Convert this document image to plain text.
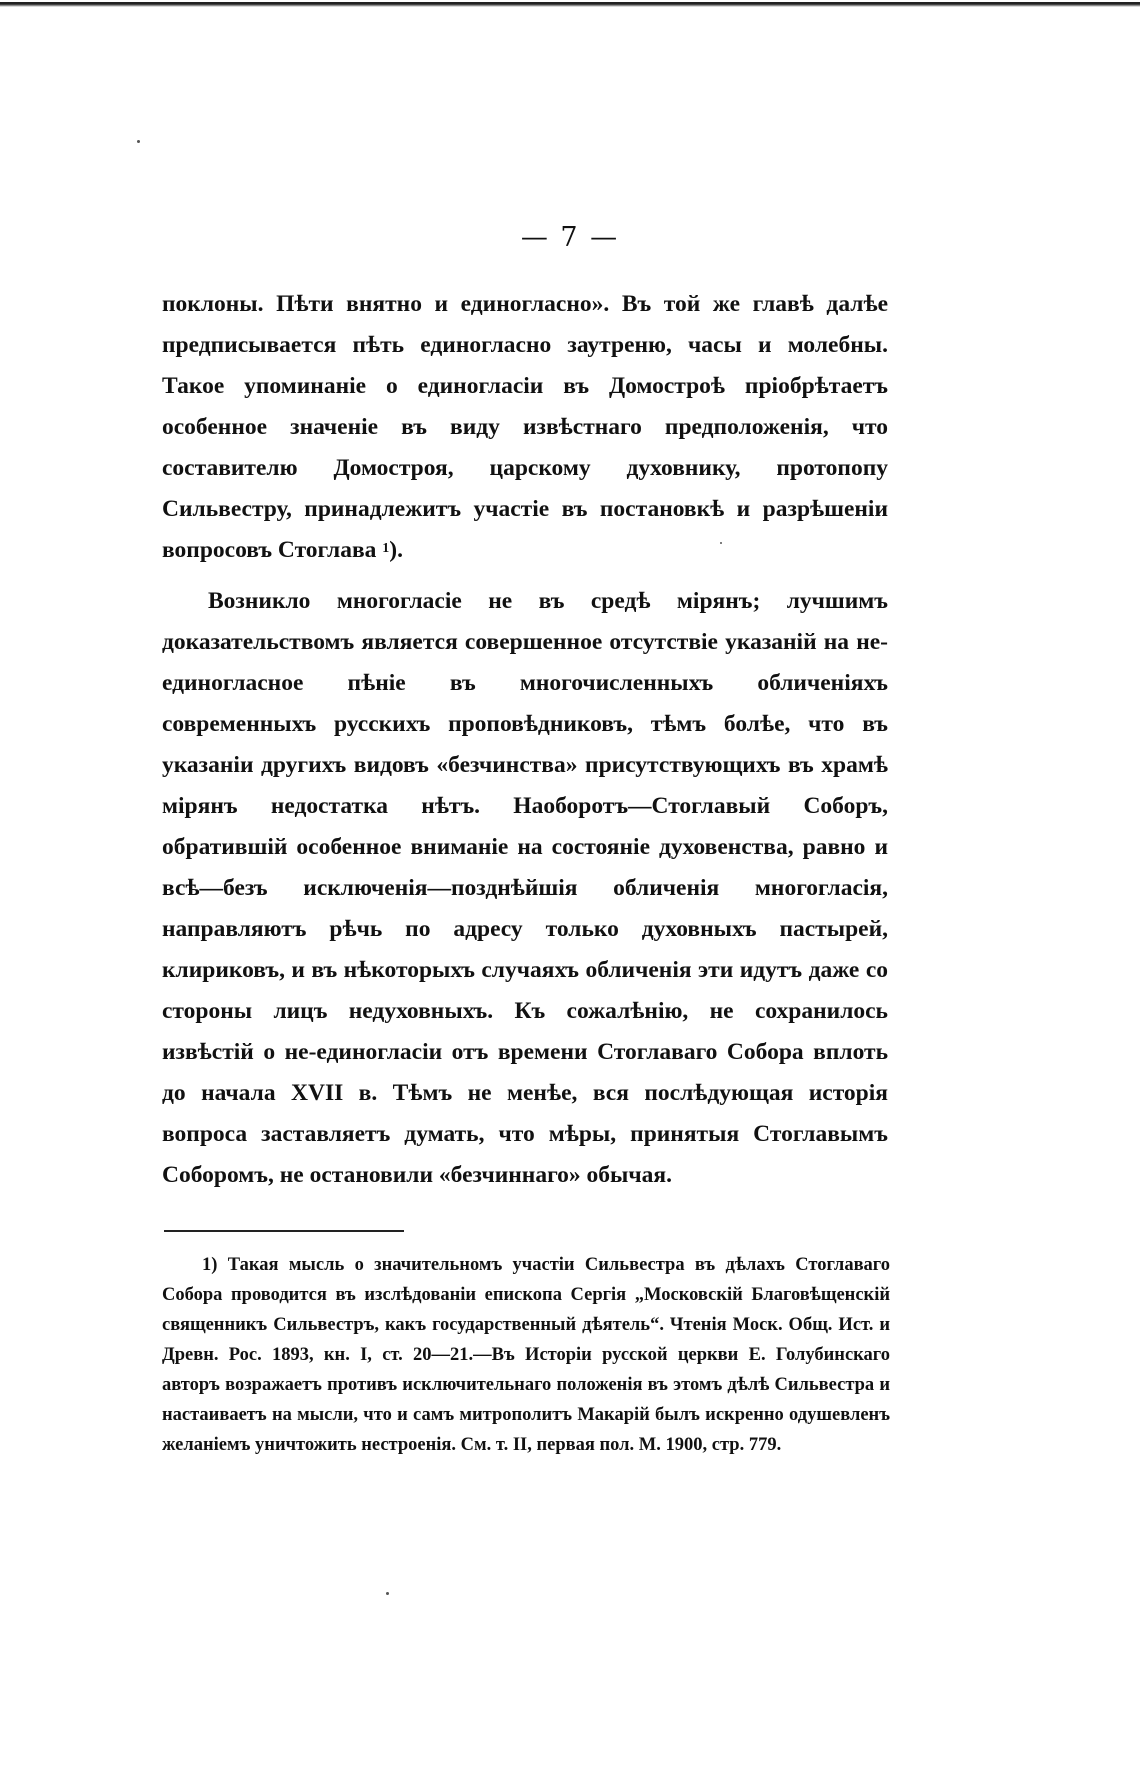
— 7 —

поклоны. Пѣти внятно и единогласно». Въ той же главѣ далѣе предписывается пѣть единогласно заутреню, часы и молебны. Такое упоминаніе о единогласіи въ Домостроѣ пріобрѣтаетъ особенное значеніе въ виду извѣстнаго предположенія, что составителю Домостроя, царскому духовнику, протопопу Сильвестру, принадлежитъ участіе въ постановкѣ и разрѣшеніи вопросовъ Стоглава $^1$).

Возникло многогласіе не въ средѣ мірянъ; лучшимъ доказательствомъ является совершенное отсутствіе указаній на не-единогласное пѣніе въ многочисленныхъ обличеніяхъ современныхъ русскихъ проповѣдниковъ, тѣмъ болѣе, что въ указаніи другихъ видовъ «безчинства» присутствующихъ въ храмѣ мірянъ недостатка нѣтъ. Наоборотъ—Стоглавый Соборъ, обратившій особенное вниманіе на состояніе духовенства, равно и всѣ—безъ исключенія—позднѣйшія обличенія многогласія, направляютъ рѣчь по адресу только духовныхъ пастырей, клириковъ, и въ нѣкоторыхъ случаяхъ обличенія эти идутъ даже со стороны лицъ недуховныхъ. Къ сожалѣнію, не сохранилось извѣстій о не-единогласіи отъ времени Стоглаваго Собора вплоть до начала XVII в. Тѣмъ не менѣе, вся послѣдующая исторія вопроса заставляетъ думать, что мѣры, принятыя Стоглавымъ Соборомъ, не остановили «безчиннаго» обычая.

1) Такая мысль о значительномъ участіи Сильвестра въ дѣлахъ Стоглаваго Собора проводится въ изслѣдованіи епископа Сергія „Московскій Благовѣщенскій священникъ Сильвестръ, какъ государственный дѣятель“. Чтенія Моск. Общ. Ист. и Древн. Рос. 1893, кн. I, ст. 20—21.—Въ Исторіи русской церкви Е. Голубинскаго авторъ возражаетъ противъ исключительнаго положенія въ этомъ дѣлѣ Сильвестра и настаиваетъ на мысли, что и самъ митрополитъ Макарій былъ искренно одушевленъ желаніемъ уничтожить нестроенія. См. т. II, первая пол. М. 1900, стр. 779.
